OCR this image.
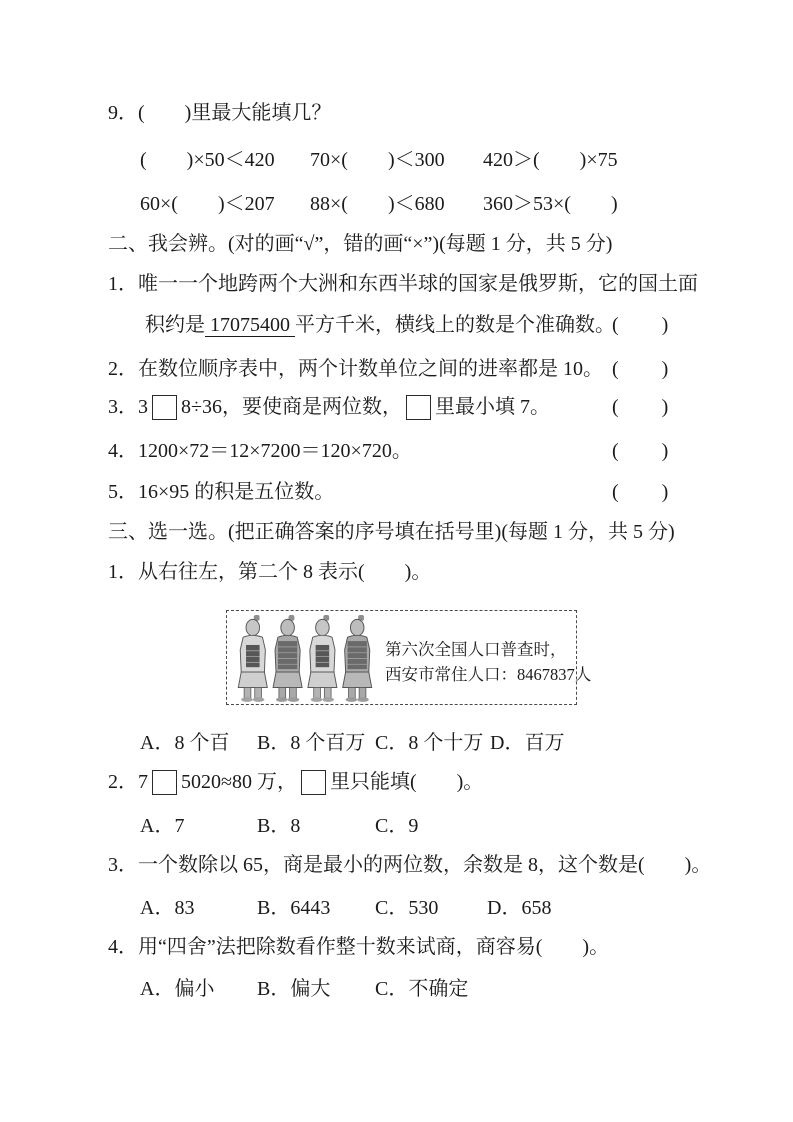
9．(　　)里最大能填几？
(　　)×50＜420 70×(　　)＜300 420＞(　　)×75
60×(　　)＜207 88×(　　)＜680 360＞53×(　　)
二、我会辨。(对的画“√”，错的画“×”)(每题 1 分，共 5 分)
1．唯一一个地跨两个大洲和东西半球的国家是俄罗斯，它的国土面
积约是 17075400 平方千米，横线上的数是个准确数。
(　　)
2．在数位顺序表中，两个计数单位之间的进率都是 10。 (　　)
3．3 8÷36，要使商是两位数， 里最小填 7。	(　　)
4．1200×72＝12×7200＝120×720。	(　　)
5．16×95 的积是五位数。	(　　)
三、选一选。(把正确答案的序号填在括号里)(每题 1 分，共 5 分)
1．从右往左，第二个 8 表示(　　)。
第六次全国人口普查时，
西安市常住人口：8467837人
A．8 个百 B．8 个百万 C．8 个十万 D．百万
2．7 5020≈80 万， 里只能填(　　)。
A．7	B．8	C．9
3．一个数除以 65，商是最小的两位数，余数是 8，这个数是(　　)。
A．83	B．6443 C．530 D．658
4．用“四舍”法把除数看作整十数来试商，商容易(　　)。
A．偏小 B．偏大 C．不确定
